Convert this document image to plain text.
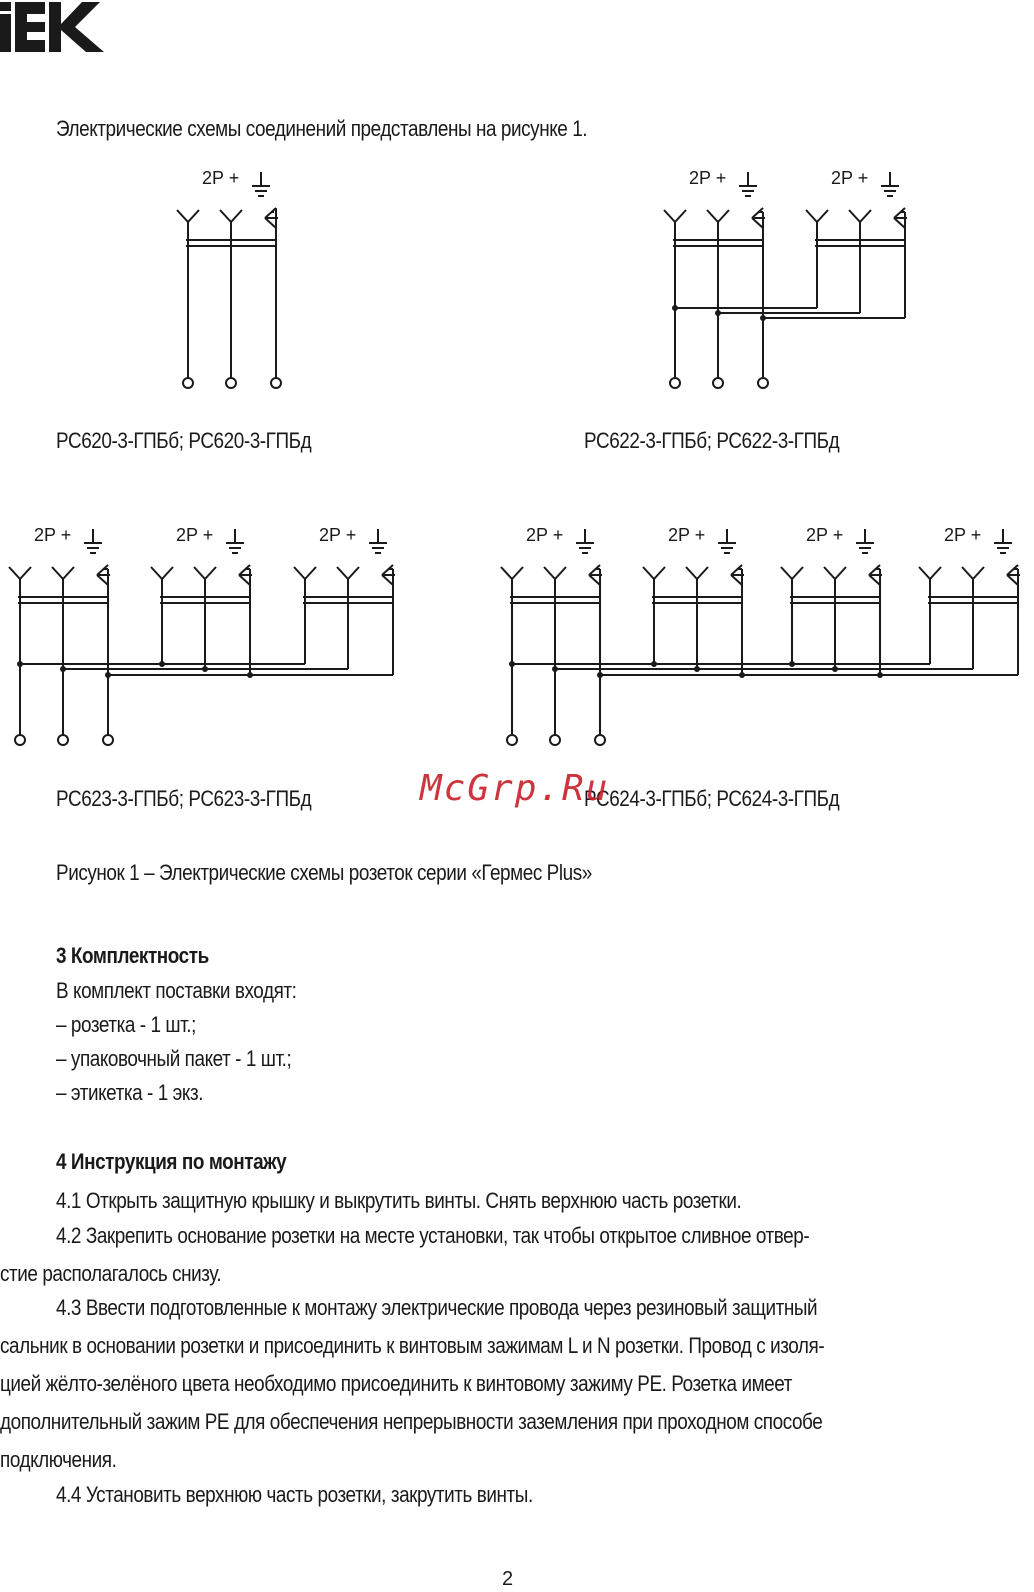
Электрические схемы соединений представлены на рисунке 1.
2P +	2P +	2P +
2P +	2P +	2P +	2P +	2P +	2P +	2P +
РС620-3-ГПБб; РС620-3-ГПБд	РС622-3-ГПБб; РС622-3-ГПБд
РС623-3-ГПБб; РС623-3-ГПБд	РС624-3-ГПБб; РС624-3-ГПБд
McGrp.Ru
Рисунок 1 – Электрические схемы розеток серии «Гермес Plus»
3 Комплектность
В комплект поставки входят:
– розетка - 1 шт.;
– упаковочный пакет - 1 шт.;
– этикетка - 1 экз.
4 Инструкция по монтажу
4.1 Открыть защитную крышку и выкрутить винты. Снять верхнюю часть розетки.
4.2 Закрепить основание розетки на месте установки, так чтобы открытое сливное отвер-
стие располагалось снизу.
4.3 Ввести подготовленные к монтажу электрические провода через резиновый защитный
сальник в основании розетки и присоединить к винтовым зажимам L и N розетки. Провод с изоля-
цией жёлто-зелёного цвета необходимо присоединить к винтовому зажиму PE. Розетка имеет
дополнительный зажим PE для обеспечения непрерывности заземления при проходном способе
подключения.
4.4 Установить верхнюю часть розетки, закрутить винты.
2
